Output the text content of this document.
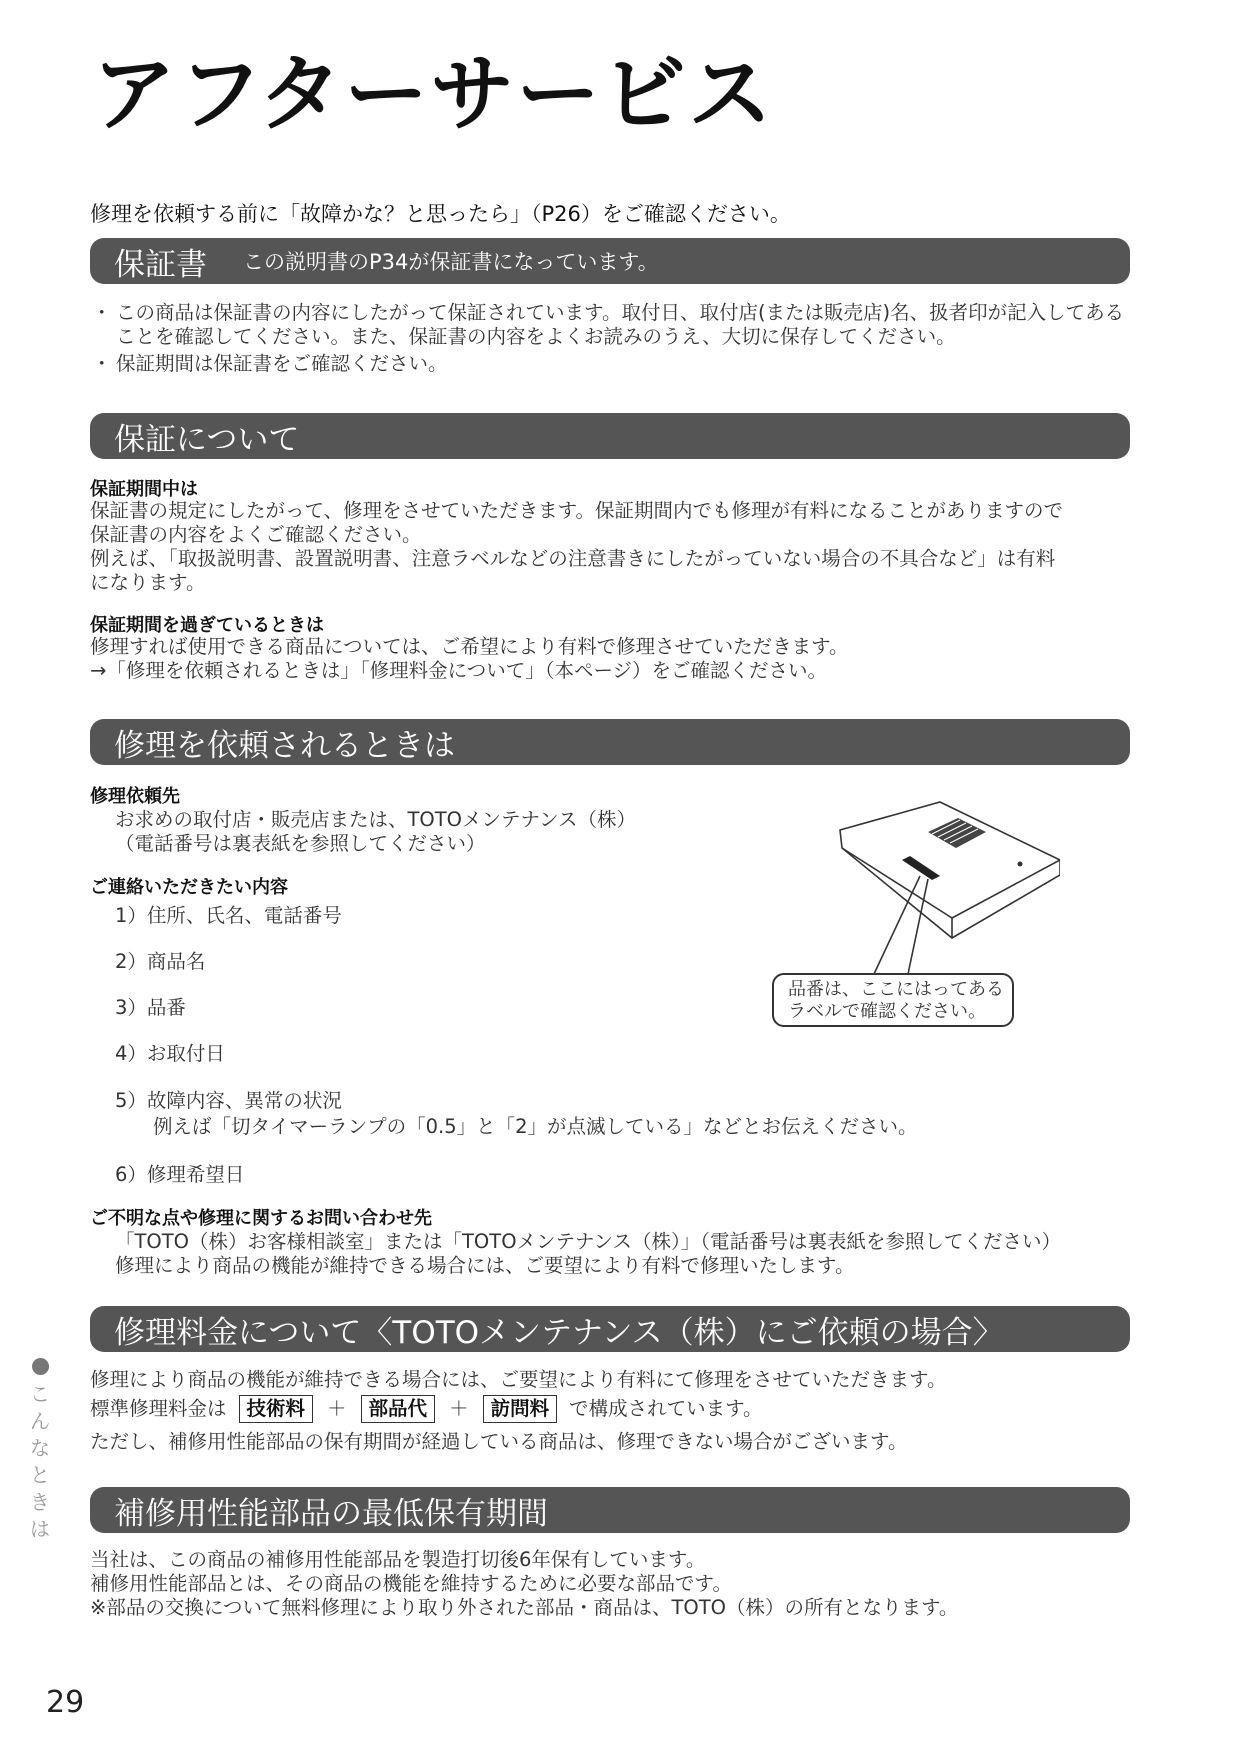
アフターサービス
修理を依頼する前に「故障かな？と思ったら」（P26）をご確認ください。
保証書 この説明書のP34が保証書になっています。
・ この商品は保証書の内容にしたがって保証されています。取付日、取付店(または販売店)名、扱者印が記入してあることを確認してください。また、保証書の内容をよくお読みのうえ、大切に保存してください。
・ 保証期間は保証書をご確認ください。
保証について
保証期間中は
保証書の規定にしたがって、修理をさせていただきます。保証期間内でも修理が有料になることがありますので
保証書の内容をよくご確認ください。
例えば、「取扱説明書、設置説明書、注意ラベルなどの注意書きにしたがっていない場合の不具合など」は有料
になります。
保証期間を過ぎているときは
修理すれば使用できる商品については、ご希望により有料で修理させていただきます。
→「修理を依頼されるときは」「修理料金について」（本ページ）をご確認ください。
修理を依頼されるときは
修理依頼先
お求めの取付店・販売店または、TOTOメンテナンス（株）
（電話番号は裏表紙を参照してください）
ご連絡いただきたい内容
1）住所、氏名、電話番号
2）商品名
3）品番
4）お取付日
5）故障内容、異常の状況
例えば「切タイマーランプの「0.5」と「2」が点滅している」などとお伝えください。
6）修理希望日
品番は、ここにはってある
ラベルで確認ください。
ご不明な点や修理に関するお問い合わせ先
「TOTO（株）お客様相談室」または「TOTOメンテナンス（株）」（電話番号は裏表紙を参照してください）
修理により商品の機能が維持できる場合には、ご要望により有料で修理いたします。
修理料金について〈TOTOメンテナンス（株）にご依頼の場合〉
修理により商品の機能が維持できる場合には、ご要望により有料にて修理をさせていただきます。
標準修理料金は	技術料	＋	部品代	＋	訪問料	で構成されています。
ただし、補修用性能部品の保有期間が経過している商品は、修理できない場合がございます。
補修用性能部品の最低保有期間
当社は、この商品の補修用性能部品を製造打切後6年保有しています。
補修用性能部品とは、その商品の機能を維持するために必要な部品です。
※部品の交換について無料修理により取り外された部品・商品は、TOTO（株）の所有となります。
こ
ん
な
と
き
は
29
